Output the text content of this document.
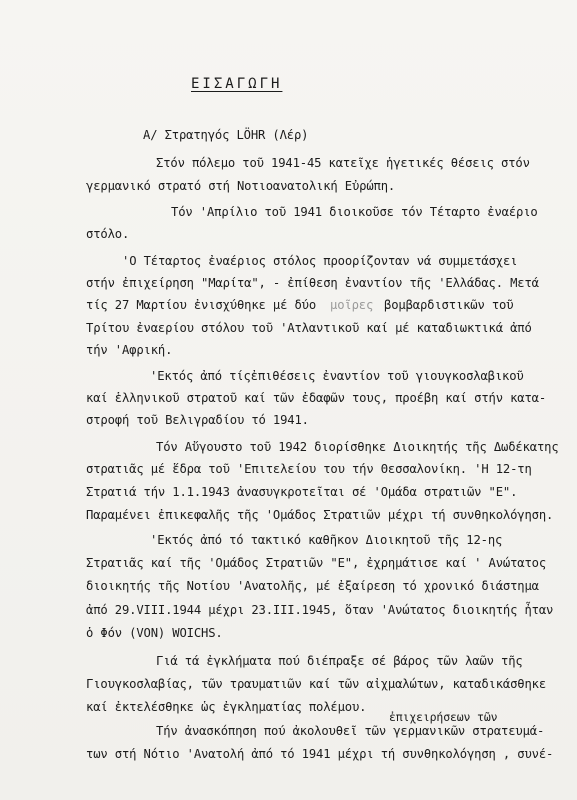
ΕΙΣΑΓΩΓΗ
Α/ Στρατηγός LÖHR (Λέρ)
Στόν πόλεμο τοῦ 1941-45 κατεῖχε ἡγετικές θέσεις στόν
γερμανικό στρατό στή Νοτιοανατολική Εὐρώπη.
Τόν 'Απρίλιο τοῦ 1941 διοικοῦσε τόν Τέταρτο ἐναέριο
στόλο.
'Ο Τέταρτος ἐναέριος στόλος προορίζονταν νά συμμετάσχει
στήν ἐπιχείρηση "Μαρίτα", - ἐπίθεση ἐναντίον τῆς 'Ελλάδας. Μετά
τίς 27 Μαρτίου ἐνισχύθηκε μέ δύο μοῖρες βομβαρδιστικῶν τοῦ
Τρίτου ἐναερίου στόλου τοῦ 'Ατλαντικοῦ καί μέ καταδιωκτικά ἀπό
τήν 'Αφρική.
'Εκτός ἀπό τίςἐπιθέσεις ἐναντίον τοῦ γιουγκοσλαβικοῦ
καί ἑλληνικοῦ στρατοῦ καί τῶν ἐδαφῶν τους, προέβη καί στήν κατα-
στροφή τοῦ Βελιγραδίου τό 1941.
Τόν Αὔγουστο τοῦ 1942 διορίσθηκε Διοικητής τῆς Δωδέκατης
στρατιᾶς μέ ἕδρα τοῦ 'Επιτελείου του τήν Θεσσαλονίκη. 'Η 12-τη
Στρατιά τήν 1.1.1943 ἀνασυγκροτεῖται σέ 'Ομάδα στρατιῶν "Ε".
Παραμένει ἐπικεφαλῆς τῆς 'Ομάδος Στρατιῶν μέχρι τή συνθηκολόγηση.
'Εκτός ἀπό τό τακτικό καθῆκον Διοικητοῦ τῆς 12-ης
Στρατιᾶς καί τῆς 'Ομάδος Στρατιῶν "Ε", ἐχρημάτισε καί ' Ανώτατος
διοικητής τῆς Νοτίου 'Ανατολῆς, μέ ἐξαίρεση τό χρονικό διάστημα
ἀπό 29.VIII.1944 μέχρι 23.III.1945, ὅταν 'Ανώτατος διοικητής ἦταν
ὁ Φόν (VON) WOICHS.
Γιά τά ἐγκλήματα πού διέπραξε σέ βάρος τῶν λαῶν τῆς
Γιουγκοσλαβίας, τῶν τραυματιῶν καί τῶν αἰχμαλώτων, καταδικάσθηκε
καί ἐκτελέσθηκε ὡς ἐγκληματίας πολέμου.
ἐπιχειρήσεων τῶν
Τήν ἀνασκόπηση πού ἀκολουθεῖ τῶν γερμανικῶν στρατευμά-
των στή Νότιο 'Ανατολή ἀπό τό 1941 μέχρι τή συνθηκολόγηση , συνέ-
